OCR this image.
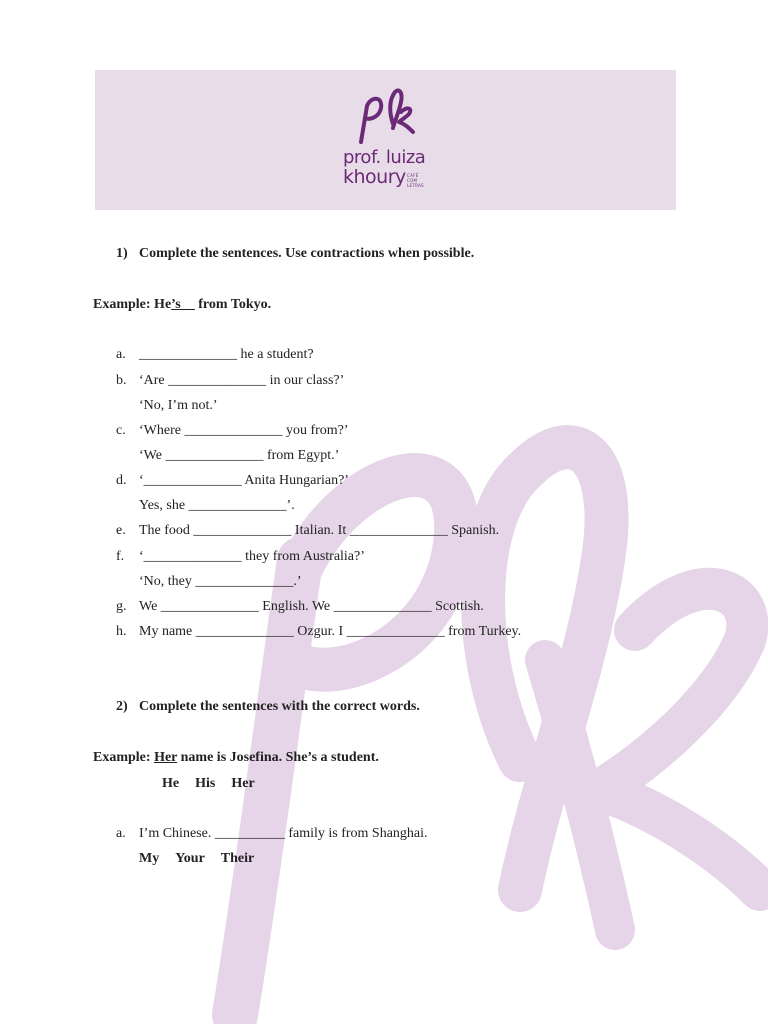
prof. luiza
khoury CAFÉ
COM
LETRAS
1) Complete the sentences. Use contractions when possible.
Example: He’s__ from Tokyo.
a. ______________ he a student?
b. ‘Are ______________ in our class?’
‘No, I’m not.’
c. ‘Where ______________ you from?’
‘We ______________ from Egypt.’
d. ‘______________ Anita Hungarian?’
Yes, she ______________’.
e. The food ______________ Italian. It ______________ Spanish.
f. ‘______________ they from Australia?’
‘No, they ______________.’
g. We ______________ English. We ______________ Scottish.
h. My name ______________ Ozgur. I ______________ from Turkey.
2) Complete the sentences with the correct words.
Example: Her name is Josefina. She’s a student.
He His Her
a. I’m Chinese. __________ family is from Shanghai.
My Your Their
